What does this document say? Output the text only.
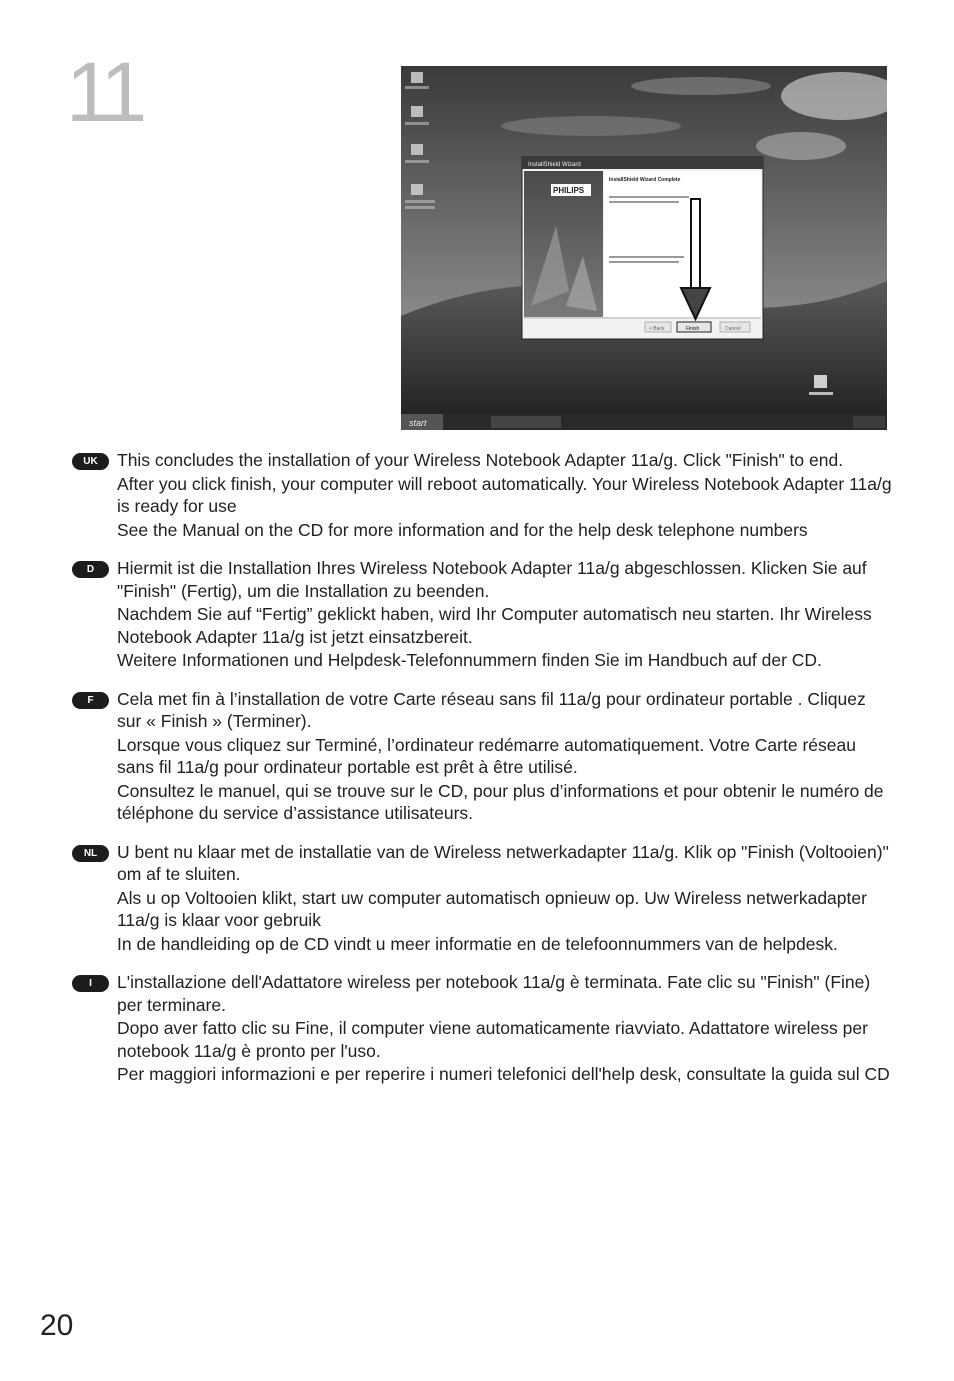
11
start
InstallShield Wizard
PHILIPS
InstallShield Wizard Complete
< Back	Finish	Cancel
UK	This concludes the installation of your Wireless Notebook Adapter 11a/g. Click "Finish" to end.

After you click finish, your computer will reboot automatically. Your Wireless Notebook Adapter 11a/g is ready for use

See the Manual on the CD for more information and for the help desk telephone numbers

D	Hiermit ist die Installation Ihres Wireless Notebook Adapter 11a/g abgeschlossen. Klicken Sie auf "Finish" (Fertig), um die Installation zu beenden.

Nachdem Sie auf “Fertig” geklickt haben, wird Ihr Computer automatisch neu starten. Ihr Wireless Notebook Adapter 11a/g ist jetzt einsatzbereit.

Weitere Informationen und Helpdesk-Telefonnummern finden Sie im Handbuch auf der CD.

F	Cela met fin à l’installation de votre Carte réseau sans fil 11a/g pour ordinateur portable . Cliquez sur « Finish » (Terminer).

Lorsque vous cliquez sur Terminé, l’ordinateur redémarre automatiquement. Votre Carte réseau sans fil 11a/g pour ordinateur portable est prêt à être utilisé.

Consultez le manuel, qui se trouve sur le CD, pour plus d’informations et pour obtenir le numéro de téléphone du service d’assistance utilisateurs.

NL	U bent nu klaar met de installatie van de Wireless netwerkadapter 11a/g. Klik op "Finish (Voltooien)" om af te sluiten.

Als u op Voltooien klikt, start uw computer automatisch opnieuw op. Uw Wireless netwerkadapter 11a/g is klaar voor gebruik

In de handleiding op de CD vindt u meer informatie en de telefoonnummers van de helpdesk.

I	L'installazione dell'Adattatore wireless per notebook 11a/g è terminata. Fate clic su "Finish" (Fine) per terminare.

Dopo aver fatto clic su Fine, il computer viene automaticamente riavviato. Adattatore wireless per notebook 11a/g è pronto per l'uso.

Per maggiori informazioni e per reperire i numeri telefonici dell'help desk, consultate la guida sul CD

20
